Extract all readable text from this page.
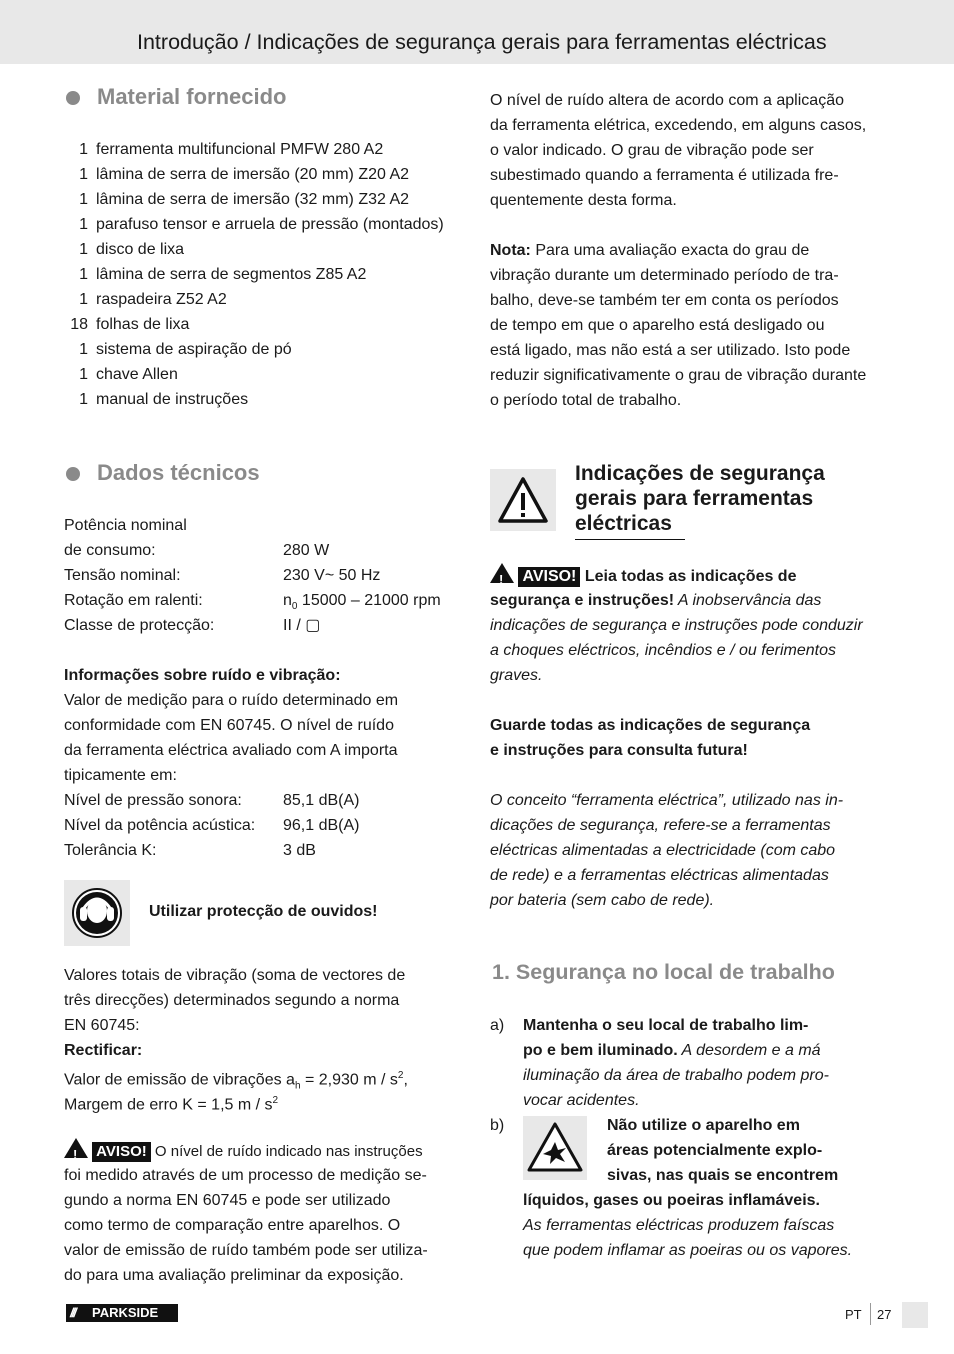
Introdução / Indicações de segurança gerais para ferramentas eléctricas
Material fornecido
1 ferramenta multifuncional PMFW 280 A2
1 lâmina de serra de imersão (20 mm) Z20 A2
1 lâmina de serra de imersão (32 mm) Z32 A2
1 parafuso tensor e arruela de pressão (montados)
1 disco de lixa
1 lâmina de serra de segmentos Z85 A2
1 raspadeira Z52 A2
18 folhas de lixa
1 sistema de aspiração de pó
1 chave Allen
1 manual de instruções
Dados técnicos
Potência nominal
de consumo:	280 W
Tensão nominal:	230 V~ 50 Hz
Rotação em ralenti:	$n_0$ 15000 – 21000 rpm
Classe de protecção:	II / ▢
Informações sobre ruído e vibração:
Valor de medição para o ruído determinado em
conformidade com EN 60745. O nível de ruído
da ferramenta eléctrica avaliado com A importa
tipicamente em:
Nível de pressão sonora:	85,1 dB(A)
Nível da potência acústica: 96,1 dB(A)
Tolerância K:	3 dB
Utilizar protecção de ouvidos!
Valores totais de vibração (soma de vectores de
três direcções) determinados segundo a norma
EN 60745:
Rectificar:
Valor de emissão de vibrações $a_h = 2,930$ m / $s^2$,
Margem de erro K = 1,5 m / $s^2$
! AVISO! O nível de ruído indicado nas instruções
foi medido através de um processo de medição se-
gundo a norma EN 60745 e pode ser utilizado
como termo de comparação entre aparelhos. O
valor de emissão de ruído também pode ser utiliza-
do para uma avaliação preliminar da exposição.
O nível de ruído altera de acordo com a aplicação
da ferramenta elétrica, excedendo, em alguns casos,
o valor indicado. O grau de vibração pode ser
subestimado quando a ferramenta é utilizada fre-
quentemente desta forma.
Nota: Para uma avaliação exacta do grau de
vibração durante um determinado período de tra-
balho, deve-se também ter em conta os períodos
de tempo em que o aparelho está desligado ou
está ligado, mas não está a ser utilizado. Isto pode
reduzir significativamente o grau de vibração durante
o período total de trabalho.
Indicações de segurança
gerais para ferramentas
eléctricas
! AVISO! Leia todas as indicações de
segurança e instruções! A inobservância das
indicações de segurança e instruções pode conduzir
a choques eléctricos, incêndios e / ou ferimentos
graves.
Guarde todas as indicações de segurança
e instruções para consulta futura!
O conceito “ferramenta eléctrica”, utilizado nas in-
dicações de segurança, refere-se a ferramentas
eléctricas alimentadas a electricidade (com cabo
de rede) e a ferramentas eléctricas alimentadas
por bateria (sem cabo de rede).
1. Segurança no local de trabalho
a) Mantenha o seu local de trabalho lim-
po e bem iluminado. A desordem e a má
iluminação da área de trabalho podem pro-
vocar acidentes.
b)	Não utilize o aparelho em
áreas potencialmente explo-
sivas, nas quais se encontrem
líquidos, gases ou poeiras inflamáveis.
As ferramentas eléctricas produzem faíscas
que podem inflamar as poeiras ou os vapores.
/// PARKSIDE	PT 27
